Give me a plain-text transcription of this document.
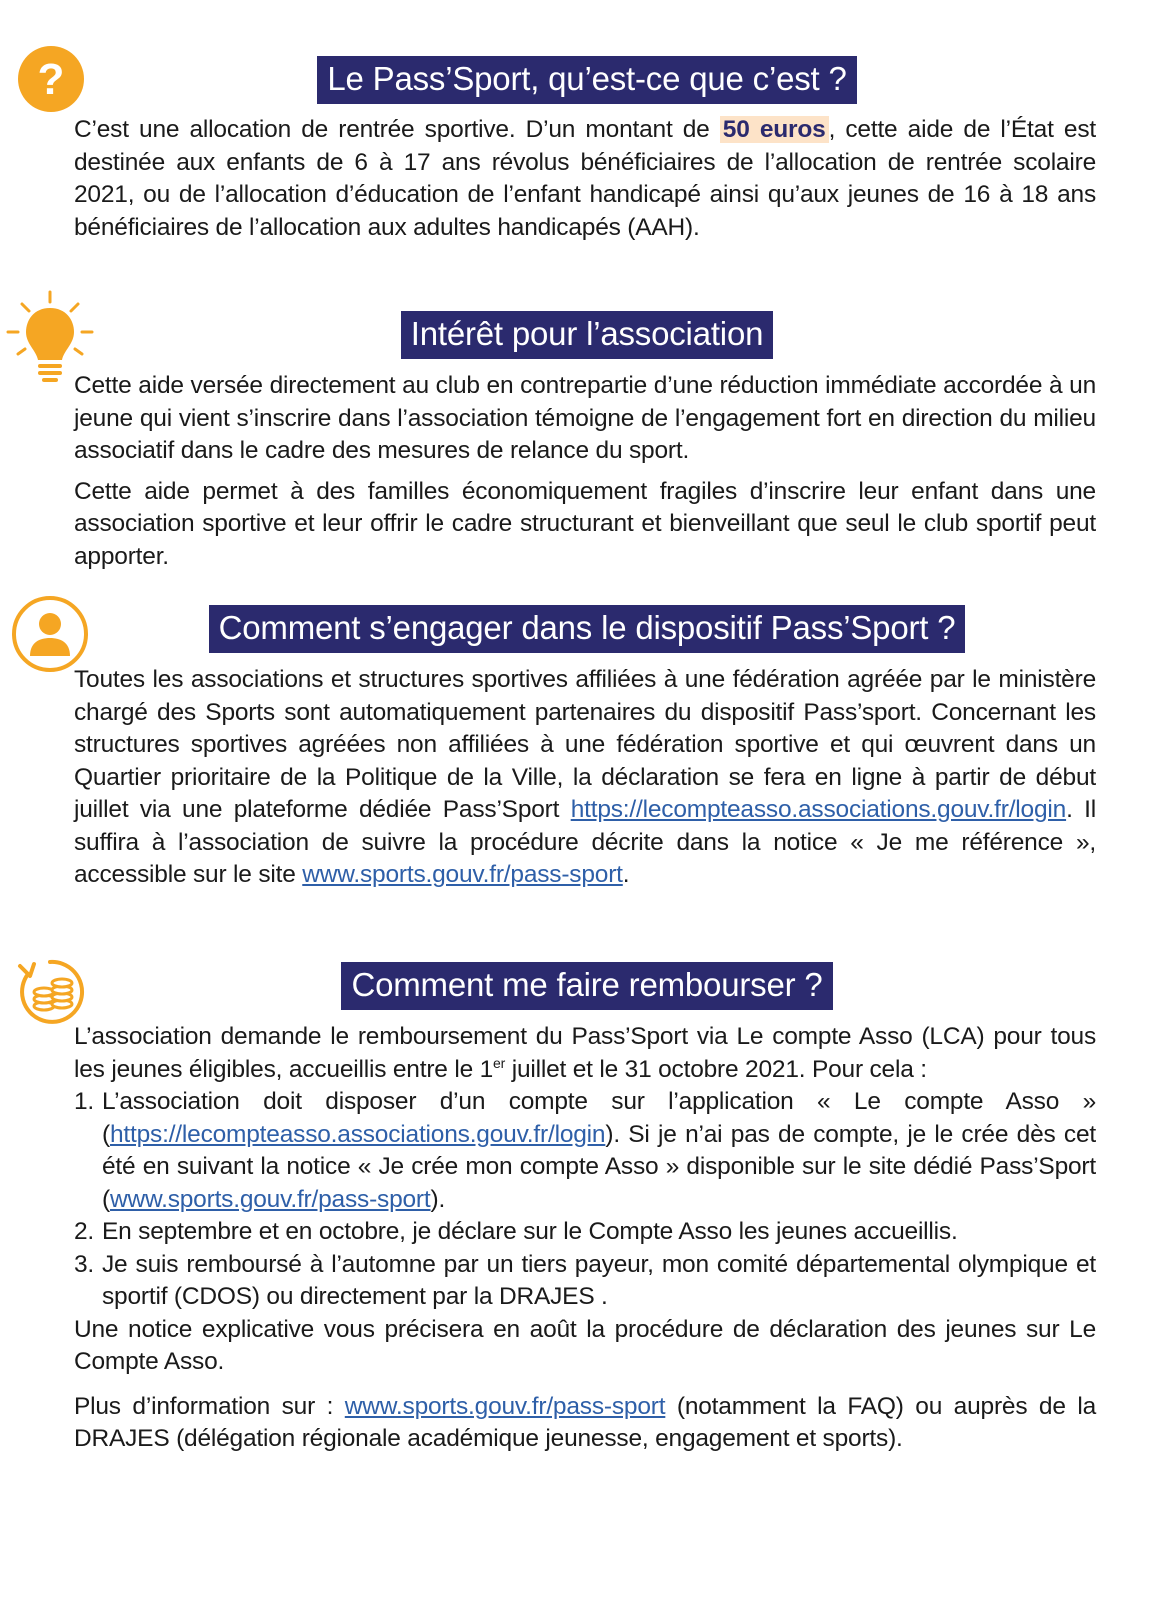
?	Le Pass’Sport, qu’est-ce que c’est ?

C’est une allocation de rentrée sportive. D’un montant de 50 euros , cette aide de l’État est destinée aux enfants de 6 à 17 ans révolus bénéficiaires de l’allocation de rentrée scolaire 2021, ou de l’allocation d’éducation de l’enfant handicapé ainsi qu’aux jeunes de 16 à 18 ans bénéficiaires de l’allocation aux adultes handicapés (AAH).

Intérêt pour l’association

Cette aide versée directement au club en contrepartie d’une réduction immédiate accordée à un jeune qui vient s’inscrire dans l’association témoigne de l’engagement fort en direction du milieu associatif dans le cadre des mesures de relance du sport.

Cette aide permet à des familles économiquement fragiles d’inscrire leur enfant dans une association sportive et leur offrir le cadre structurant et bienveillant que seul le club sportif peut apporter.

Comment s’engager dans le dispositif Pass’Sport ?

Toutes les associations et structures sportives affiliées à une fédération agréée par le ministère chargé des Sports sont automatiquement partenaires du dispositif Pass’sport. Concernant les structures sportives agréées non affiliées à une fédération sportive et qui œuvrent dans un Quartier prioritaire de la Politique de la Ville, la déclaration se fera en ligne à partir de début juillet via une plateforme dédiée Pass’Sport https://lecompteasso.associations.gouv.fr/login. Il suffira à l’association de suivre la procédure décrite dans la notice « Je me référence », accessible sur le site www.sports.gouv.fr/pass-sport.

Comment me faire rembourser ?

L’association demande le remboursement du Pass’Sport via Le compte Asso (LCA) pour tous les jeunes éligibles, accueillis entre le 1er juillet et le 31 octobre 2021. Pour cela :

1. L’association doit disposer d’un compte sur l’application « Le compte Asso » (https://lecompteasso.associations.gouv.fr/login). Si je n’ai pas de compte, je le crée dès cet été en suivant la notice « Je crée mon compte Asso » disponible sur le site dédié Pass’Sport (www.sports.gouv.fr/pass-sport).
2. En septembre et en octobre, je déclare sur le Compte Asso les jeunes accueillis.
3. Je suis remboursé à l’automne par un tiers payeur, mon comité départemental olympique et sportif (CDOS) ou directement par la DRAJES .

Une notice explicative vous précisera en août la procédure de déclaration des jeunes sur Le Compte Asso.

Plus d’information sur : www.sports.gouv.fr/pass-sport (notamment la FAQ) ou auprès de la DRAJES (délégation régionale académique jeunesse, engagement et sports).
